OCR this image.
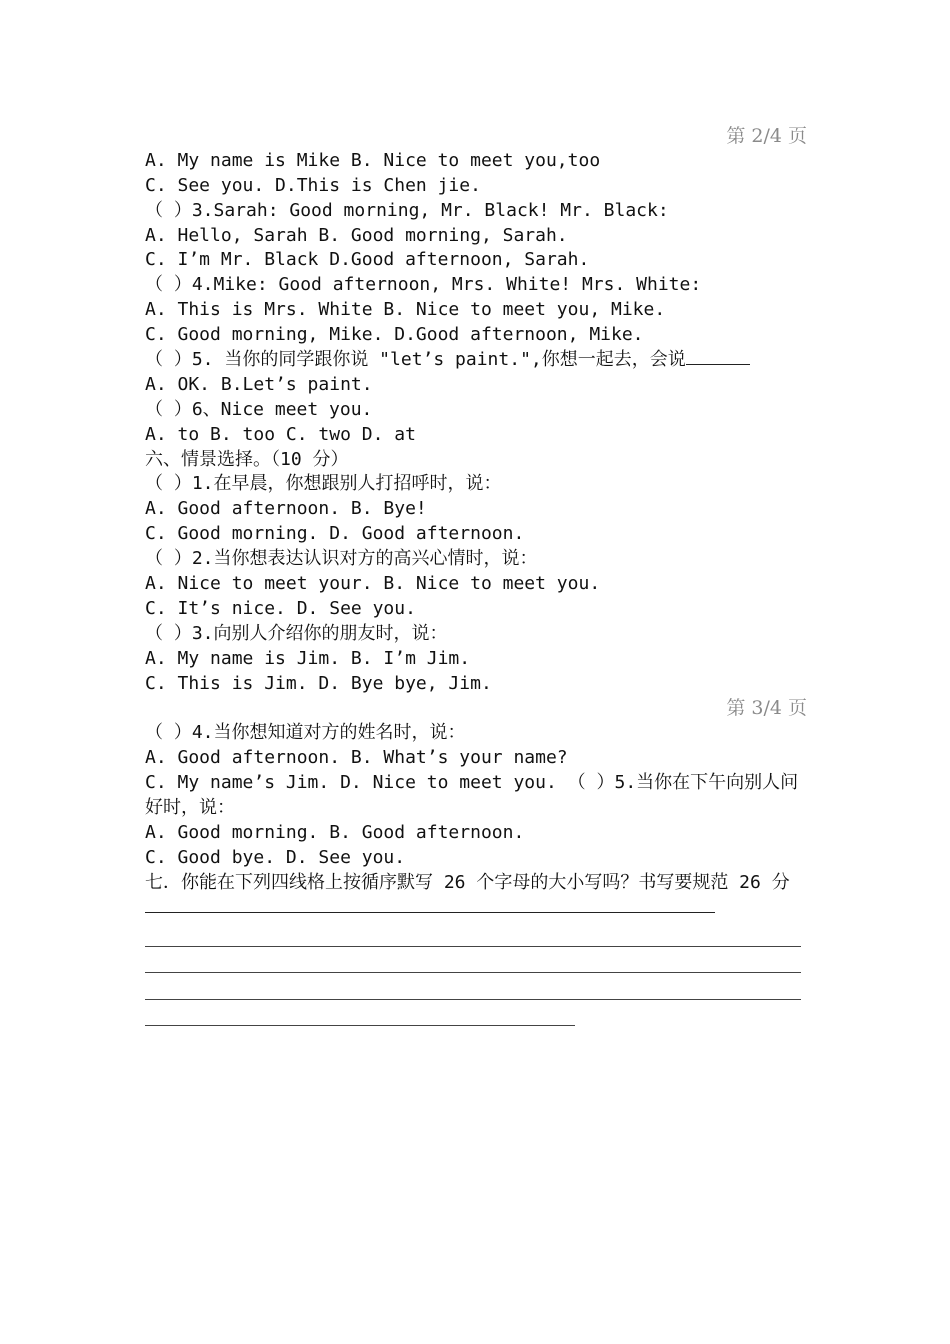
第 2/4 页
A. My name is Mike B. Nice to meet you,too
C. See you. D.This is Chen jie.
（ ）3.Sarah: Good morning, Mr. Black! Mr. Black:
A. Hello, Sarah B. Good morning, Sarah.
C. I’m Mr. Black D.Good afternoon, Sarah.
（ ）4.Mike: Good afternoon, Mrs. White! Mrs. White:
A. This is Mrs. White B. Nice to meet you, Mike.
C. Good morning, Mike. D.Good afternoon, Mike.
（ ）5. 当你的同学跟你说 "let’s paint.",你想一起去，会说
A. OK. B.Let’s paint.
（ ）6、Nice meet you.
A. to B. too C. two D. at
六、情景选择。（10 分）
（ ）1.在早晨，你想跟别人打招呼时，说：
A. Good afternoon. B. Bye!
C. Good morning. D. Good afternoon.
（ ）2.当你想表达认识对方的高兴心情时，说：
A. Nice to meet your. B. Nice to meet you.
C. It’s nice. D. See you.
（ ）3.向别人介绍你的朋友时，说：
A. My name is Jim. B. I’m Jim.
C. This is Jim. D. Bye bye, Jim.
第 3/4 页
（ ）4.当你想知道对方的姓名时，说：
A. Good afternoon. B. What’s your name?
C. My name’s Jim. D. Nice to meet you. （ ）5.当你在下午向别人问好时，说：
A. Good morning. B. Good afternoon.
C. Good bye. D. See you.
七．你能在下列四线格上按循序默写 26 个字母的大小写吗？书写要规范 26 分
